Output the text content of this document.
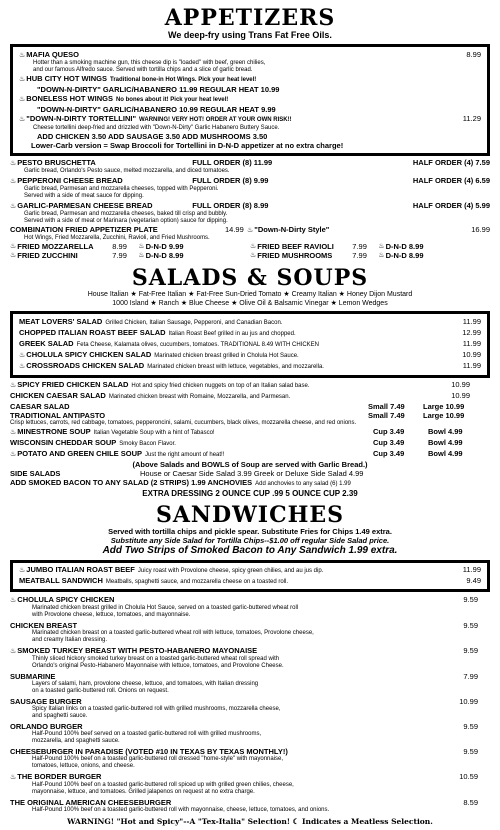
APPETIZERS
We deep-fry using Trans Fat Free Oils.
♨ MAFIA QUESO	8.99
Hotter than a smoking machine gun, this cheese dip is "loaded" with beef, green chilies,
and our famous Alfredo sauce. Served with tortilla chips and a slice of garlic bread.
♨ HUB CITY HOT WINGS Traditional bone-in Hot Wings. Pick your heat level!
"DOWN-N-DIRTY" GARLIC/HABANERO 11.99 REGULAR HEAT 10.99
♨ BONELESS HOT WINGS No bones about it! Pick your heat level!
"DOWN-N-DIRTY" GARLIC/HABANERO 10.99 REGULAR HEAT 9.99
♨ "DOWN-N-DIRTY TORTELLINI" WARNING! VERY HOT! ORDER AT YOUR OWN RISK!!	11.29
Cheese tortellini deep-fried and drizzled with "Down-N-Dirty" Garlic Habanero Buttery Sauce.
ADD CHICKEN 3.50 ADD SAUSAGE 3.50 ADD MUSHROOMS 3.50
Lower-Carb version = Swap Broccoli for Tortellini in D-N-D appetizer at no extra charge!
♨ PESTO BRUSCHETTA	FULL ORDER (8) 11.99	HALF ORDER (4) 7.59
Garlic bread, Orlando's Pesto sauce, melted mozzarella, and diced tomatoes.
♨ PEPPERONI CHEESE BREAD	FULL ORDER (8) 9.99	HALF ORDER (4) 6.59
Garlic bread, Parmesan and mozzarella cheeses, topped with Pepperoni.
Served with a side of meat sauce for dipping.
♨ GARLIC-PARMESAN CHEESE BREAD	FULL ORDER (8) 8.99	HALF ORDER (4) 5.99
Garlic bread, Parmesan and mozzarella cheeses, baked till crisp and bubbly.
Served with a side of meat or Marinara (vegetarian option) sauce for dipping.
COMBINATION FRIED APPETIZER PLATE	14.99 ♨ "Down-N-Dirty Style"	16.99
Hot Wings, Fried Mozzarella, Zucchini, Ravioli, and Fried Mushrooms.
♨ FRIED MOZZARELLA	8.99	♨ D-N-D 9.99	♨ FRIED BEEF RAVIOLI	7.99	♨ D-N-D 8.99
♨ FRIED ZUCCHINI	7.99	♨ D-N-D 8.99	♨ FRIED MUSHROOMS	7.99	♨ D-N-D 8.99
SALADS & SOUPS
House Italian ★ Fat-Free Italian ★ Fat-Free Sun-Dried Tomato ★ Creamy Italian ★ Honey Dijon Mustard
1000 Island ★ Ranch ★ Blue Cheese ★ Olive Oil & Balsamic Vinegar ★ Lemon Wedges
MEAT LOVERS' SALAD Grilled Chicken, Italian Sausage, Pepperoni, and Canadian Bacon.	11.99
CHOPPED ITALIAN ROAST BEEF SALAD Italian Roast Beef grilled in au jus and chopped.	12.99
GREEK SALAD Feta Cheese, Kalamata olives, cucumbers, tomatoes. TRADITIONAL 8.49 WITH CHICKEN	11.99
♨ CHOLULA SPICY CHICKEN SALAD Marinated chicken breast grilled in Cholula Hot Sauce.	10.99
♨ CROSSROADS CHICKEN SALAD Marinated chicken breast with lettuce, vegetables, and mozzarella.	11.99
♨ SPICY FRIED CHICKEN SALAD Hot and spicy fried chicken nuggets on top of an Italian salad base.	10.99
CHICKEN CAESAR SALAD Marinated chicken breast with Romaine, Mozzarella, and Parmesan.	10.99
CAESAR SALAD	Small 7.49	Large 10.99
TRADITIONAL ANTIPASTO	Small 7.49	Large 10.99
Crisp lettuces, carrots, red cabbage, tomatoes, pepperoncini, salami, cucumbers, black olives, mozzarella cheese, and red onions.
♨ MINESTRONE SOUP Italian Vegetable Soup with a hint of Tabasco!	Cup 3.49	Bowl 4.99
WISCONSIN CHEDDAR SOUP Smoky Bacon Flavor.	Cup 3.49	Bowl 4.99
♨ POTATO AND GREEN CHILE SOUP Just the right amount of heat!!	Cup 3.49	Bowl 4.99
(Above Salads and BOWLS of Soup are served with Garlic Bread.)
SIDE SALADS	House or Caesar Side Salad 3.99 Greek or Deluxe Side Salad 4.99
ADD SMOKED BACON TO ANY SALAD (2 STRIPS) 1.99 ANCHOVIES Add anchovies to any salad (6) 1.99
EXTRA DRESSING 2 OUNCE CUP .99 5 OUNCE CUP 2.39
SANDWICHES
Served with tortilla chips and pickle spear. Substitute Fries for Chips 1.49 extra.
Substitute any Side Salad for Tortilla Chips--$1.00 off regular Side Salad price.
Add Two Strips of Smoked Bacon to Any Sandwich 1.99 extra.
♨ JUMBO ITALIAN ROAST BEEF Juicy roast with Provolone cheese, spicy green chilies, and au jus dip.	11.99
MEATBALL SANDWICH Meatballs, spaghetti sauce, and mozzarella cheese on a toasted roll.	9.49
♨ CHOLULA SPICY CHICKEN	9.59
Marinated chicken breast grilled in Cholula Hot Sauce, served on a toasted garlic-buttered wheat roll
with Provolone cheese, lettuce, tomatoes, and mayonnaise.
CHICKEN BREAST	9.59
Marinated chicken breast on a toasted garlic-buttered wheat roll with lettuce, tomatoes, Provolone cheese,
and creamy Italian dressing.
♨ SMOKED TURKEY BREAST WITH PESTO-HABANERO MAYONAISE	9.59
Thinly sliced hickory smoked turkey breast on a toasted garlic-buttered wheat roll spread with
Orlando's original Pesto-Habanero Mayonnaise with lettuce, tomatoes, and Provolone Cheese.
SUBMARINE	7.99
Layers of salami, ham, provolone cheese, lettuce, and tomatoes, with Italian dressing
on a toasted garlic-buttered roll. Onions on request.
SAUSAGE BURGER	10.99
Spicy Italian links on a toasted garlic-buttered roll with grilled mushrooms, mozzarella cheese,
and spaghetti sauce.
ORLANDO BURGER	9.59
Half-Pound 100% beef served on a toasted garlic-buttered roll with grilled mushrooms,
mozzarella, and spaghetti sauce.
CHEESEBURGER IN PARADISE (VOTED #10 IN TEXAS BY TEXAS MONTHLY!)	9.59
Half-Pound 100% beef on a toasted garlic-buttered roll dressed "home-style" with mayonnaise,
tomatoes, lettuce, onions, and cheese.
♨ THE BORDER BURGER	10.59
Half-Pound 100% beef on a toasted garlic-buttered roll spiced up with grilled green chilies, cheese,
mayonnaise, lettuce, and tomatoes. Grilled jalapenos on request at no extra charge.
THE ORIGINAL AMERICAN CHEESEBURGER	8.59
Half-Pound 100% beef on a toasted garlic-buttered roll with mayonnaise, cheese, lettuce, tomatoes, and onions.
WARNING! "Hot and Spicy"--A "Tex-Italia" Selection! ☾ Indicates a Meatless Selection.
